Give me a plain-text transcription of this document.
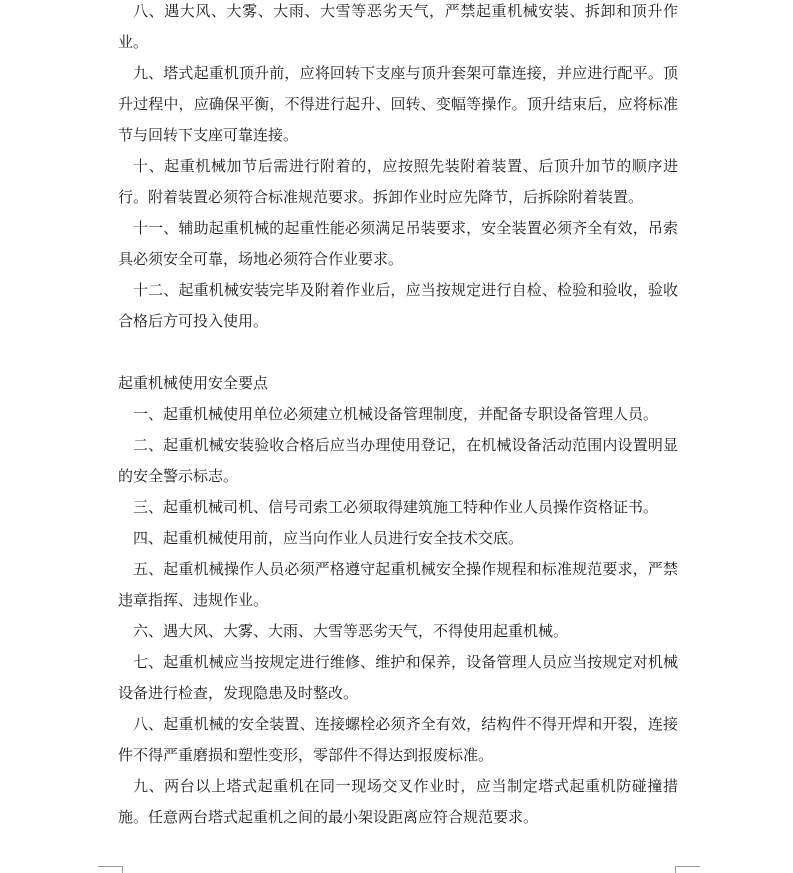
八、遇大风、大雾、大雨、大雪等恶劣天气，严禁起重机械安装、拆卸和顶升作业。

九、塔式起重机顶升前，应将回转下支座与顶升套架可靠连接，并应进行配平。顶升过程中，应确保平衡，不得进行起升、回转、变幅等操作。顶升结束后，应将标准节与回转下支座可靠连接。

十、起重机械加节后需进行附着的，应按照先装附着装置、后顶升加节的顺序进行。附着装置必须符合标准规范要求。拆卸作业时应先降节，后拆除附着装置。

十一、辅助起重机械的起重性能必须满足吊装要求，安全装置必须齐全有效，吊索具必须安全可靠，场地必须符合作业要求。

十二、起重机械安装完毕及附着作业后，应当按规定进行自检、检验和验收，验收合格后方可投入使用。

起重机械使用安全要点

一、起重机械使用单位必须建立机械设备管理制度，并配备专职设备管理人员。

二、起重机械安装验收合格后应当办理使用登记，在机械设备活动范围内设置明显的安全警示标志。

三、起重机械司机、信号司索工必须取得建筑施工特种作业人员操作资格证书。

四、起重机械使用前，应当向作业人员进行安全技术交底。

五、起重机械操作人员必须严格遵守起重机械安全操作规程和标准规范要求，严禁违章指挥、违规作业。

六、遇大风、大雾、大雨、大雪等恶劣天气，不得使用起重机械。

七、起重机械应当按规定进行维修、维护和保养，设备管理人员应当按规定对机械设备进行检查，发现隐患及时整改。

八、起重机械的安全装置、连接螺栓必须齐全有效，结构件不得开焊和开裂，连接件不得严重磨损和塑性变形，零部件不得达到报废标准。

九、两台以上塔式起重机在同一现场交叉作业时，应当制定塔式起重机防碰撞措施。任意两台塔式起重机之间的最小架设距离应符合规范要求。
